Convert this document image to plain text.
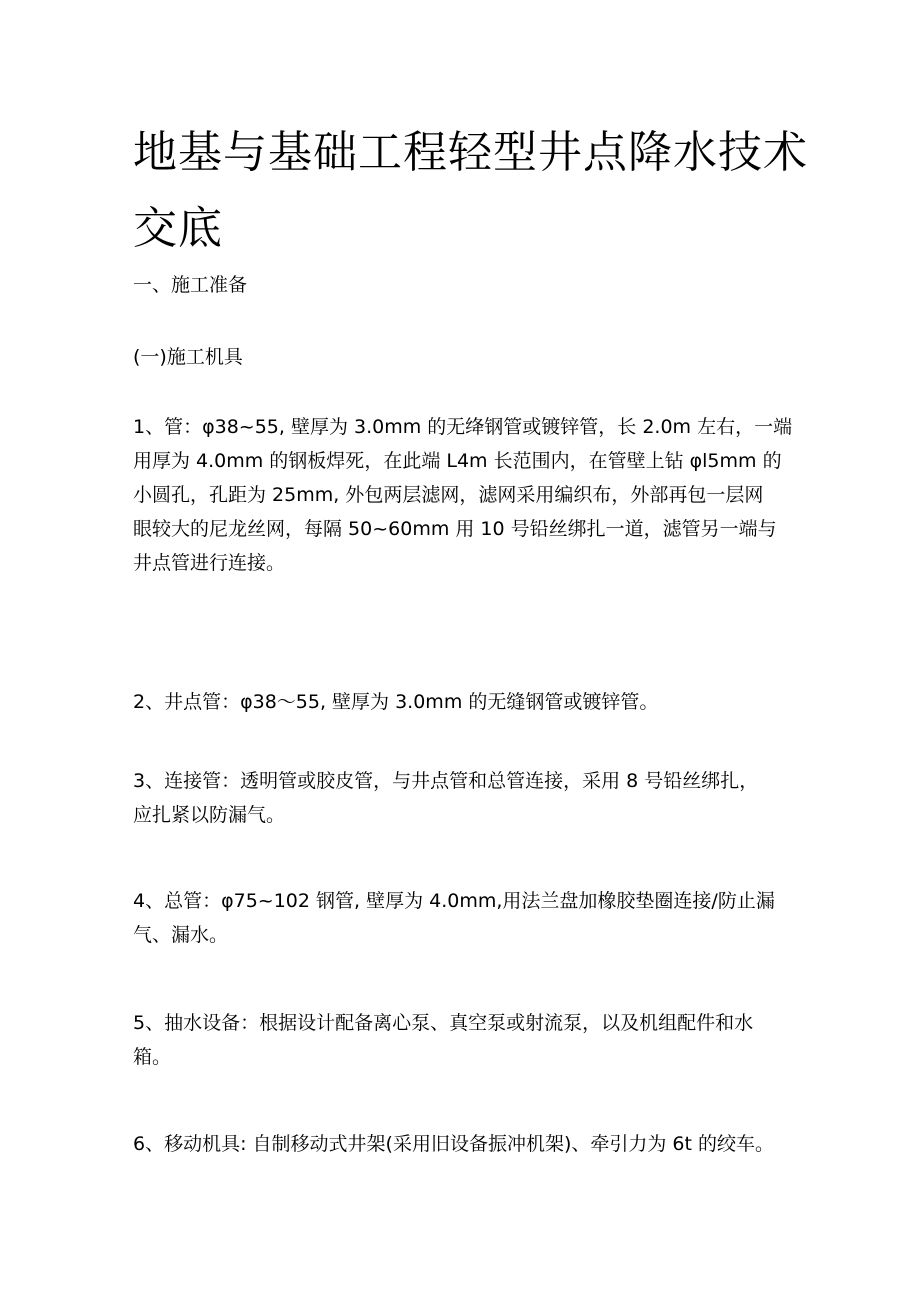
地基与基础工程轻型井点降水技术
交底

一、施工准备

(一)施工机具

1、管：φ38~55, 壁厚为 3.0mm 的无绛钢管或镀锌管，长 2.0m 左右，一端
用厚为 4.0mm 的钢板焊死，在此端 L4m 长范围内，在管壁上钻 φl5mm 的
小圆孔，孔距为 25mm, 外包两层滤网，滤网采用编织布，外部再包一层网
眼较大的尼龙丝网，每隔 50~60mm 用 10 号铅丝绑扎一道，滤管另一端与
井点管进行连接。

2、井点管：φ38～55, 壁厚为 3.0mm 的无缝钢管或镀锌管。

3、连接管：透明管或胶皮管，与井点管和总管连接，采用 8 号铅丝绑扎，
应扎紧以防漏气。

4、总管：φ75~102 钢管, 壁厚为 4.0mm,用法兰盘加橡胶垫圈连接/防止漏
气、漏水。

5、抽水设备：根据设计配备离心泵、真空泵或射流泵，以及机组配件和水
箱。

6、移动机具: 自制移动式井架(采用旧设备振冲机架)、牵引力为 6t 的绞车。
